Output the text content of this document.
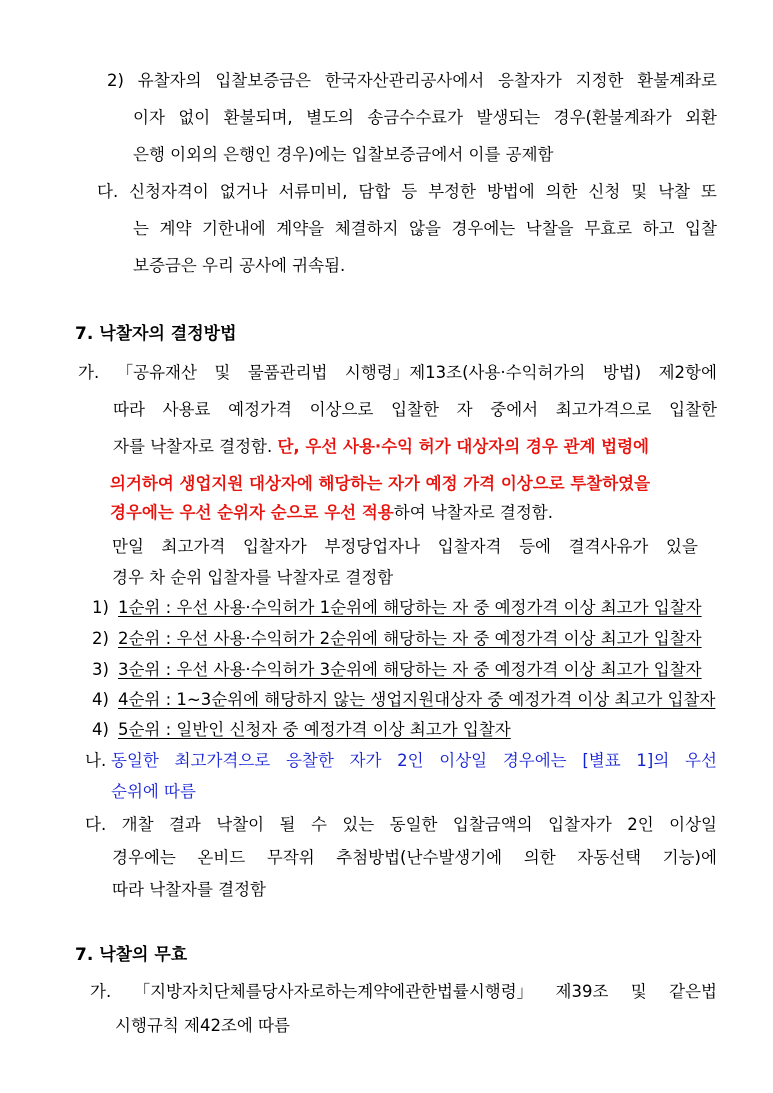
2) 유찰자의 입찰보증금은 한국자산관리공사에서 응찰자가 지정한 환불계좌로
이자 없이 환불되며, 별도의 송금수수료가 발생되는 경우(환불계좌가 외환
은행 이외의 은행인 경우)에는 입찰보증금에서 이를 공제함
다. 신청자격이 없거나 서류미비, 담합 등 부정한 방법에 의한 신청 및 낙찰 또
는 계약 기한내에 계약을 체결하지 않을 경우에는 낙찰을 무효로 하고 입찰
보증금은 우리 공사에 귀속됨.
7. 낙찰자의 결정방법
가. 「공유재산 및 물품관리법 시행령」제13조(사용·수익허가의 방법) 제2항에
따라 사용료 예정가격 이상으로 입찰한 자 중에서 최고가격으로 입찰한
자를 낙찰자로 결정함. 단, 우선 사용·수익 허가 대상자의 경우 관계 법령에
의거하여 생업지원 대상자에 해당하는 자가 예정 가격 이상으로 투찰하였을
경우에는 우선 순위자 순으로 우선 적용하여 낙찰자로 결정함.
만일 최고가격 입찰자가 부정당업자나 입찰자격 등에 결격사유가 있을
경우 차 순위 입찰자를 낙찰자로 결정함
1) 1순위 : 우선 사용·수익허가 1순위에 해당하는 자 중 예정가격 이상 최고가 입찰자
2) 2순위 : 우선 사용·수익허가 2순위에 해당하는 자 중 예정가격 이상 최고가 입찰자
3) 3순위 : 우선 사용·수익허가 3순위에 해당하는 자 중 예정가격 이상 최고가 입찰자
4) 4순위 : 1~3순위에 해당하지 않는 생업지원대상자 중 예정가격 이상 최고가 입찰자
4) 5순위 : 일반인 신청자 중 예정가격 이상 최고가 입찰자
나. 동일한 최고가격으로 응찰한 자가 2인 이상일 경우에는 [별표 1]의 우선
순위에 따름
다. 개찰 결과 낙찰이 될 수 있는 동일한 입찰금액의 입찰자가 2인 이상일
경우에는 온비드 무작위 추첨방법(난수발생기에 의한 자동선택 기능)에
따라 낙찰자를 결정함
7. 낙찰의 무효
가. 「지방자치단체를당사자로하는계약에관한법률시행령」 제39조 및 같은법
시행규칙 제42조에 따름
